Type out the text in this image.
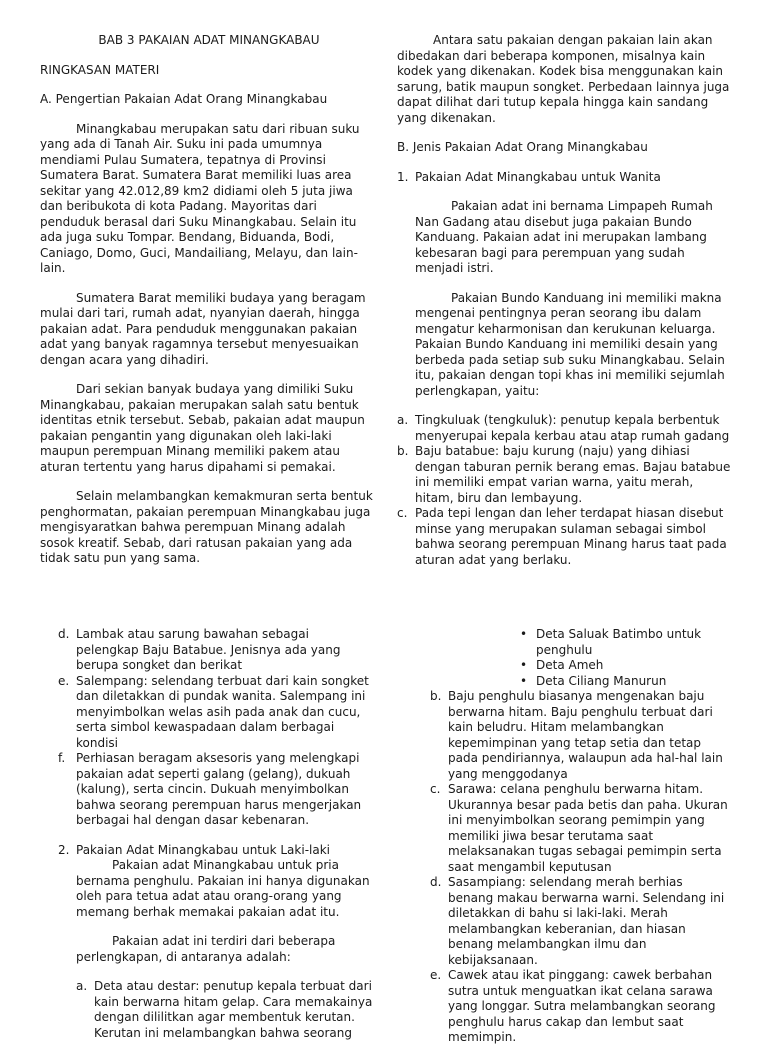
BAB 3 PAKAIAN ADAT MINANGKABAU

RINGKASAN MATERI

A. Pengertian Pakaian Adat Orang Minangkabau

Minangkabau merupakan satu dari ribuan suku yang ada di Tanah Air. Suku ini pada umumnya mendiami Pulau Sumatera, tepatnya di Provinsi Sumatera Barat. Sumatera Barat memiliki luas area sekitar yang 42.012,89 km2 didiami oleh 5 juta jiwa dan beribukota di kota Padang. Mayoritas dari penduduk berasal dari Suku Minangkabau. Selain itu ada juga suku Tompar. Bendang, Biduanda, Bodi, Caniago, Domo, Guci, Mandailiang, Melayu, dan lain-lain.

Sumatera Barat memiliki budaya yang beragam mulai dari tari, rumah adat, nyanyian daerah, hingga pakaian adat. Para penduduk menggunakan pakaian adat yang banyak ragamnya tersebut menyesuaikan dengan acara yang dihadiri.

Dari sekian banyak budaya yang dimiliki Suku Minangkabau, pakaian merupakan salah satu bentuk identitas etnik tersebut. Sebab, pakaian adat maupun pakaian pengantin yang digunakan oleh laki-laki maupun perempuan Minang memiliki pakem atau aturan tertentu yang harus dipahami si pemakai.

Selain melambangkan kemakmuran serta bentuk penghormatan, pakaian perempuan Minangkabau juga mengisyaratkan bahwa perempuan Minang adalah sosok kreatif. Sebab, dari ratusan pakaian yang ada tidak satu pun yang sama.

Antara satu pakaian dengan pakaian lain akan dibedakan dari beberapa komponen, misalnya kain kodek yang dikenakan. Kodek bisa menggunakan kain sarung, batik maupun songket. Perbedaan lainnya juga dapat dilihat dari tutup kepala hingga kain sandang yang dikenakan.

B. Jenis Pakaian Adat Orang Minangkabau

1. Pakaian Adat Minangkabau untuk Wanita

Pakaian adat ini bernama Limpapeh Rumah Nan Gadang atau disebut juga pakaian Bundo Kanduang. Pakaian adat ini merupakan lambang kebesaran bagi para perempuan yang sudah menjadi istri.

Pakaian Bundo Kanduang ini memiliki makna mengenai pentingnya peran seorang ibu dalam mengatur keharmonisan dan kerukunan keluarga. Pakaian Bundo Kanduang ini memiliki desain yang berbeda pada setiap sub suku Minangkabau. Selain itu, pakaian dengan topi khas ini memiliki sejumlah perlengkapan, yaitu:

a. Tingkuluak (tengkuluk): penutup kepala berbentuk menyerupai kepala kerbau atau atap rumah gadang
b. Baju batabue: baju kurung (naju) yang dihiasi dengan taburan pernik berang emas. Bajau batabue ini memiliki empat varian warna, yaitu merah, hitam, biru dan lembayung.
c. Pada tepi lengan dan leher terdapat hiasan disebut minse yang merupakan sulaman sebagai simbol bahwa seorang perempuan Minang harus taat pada aturan adat yang berlaku.
d. Lambak atau sarung bawahan sebagai pelengkap Baju Batabue. Jenisnya ada yang berupa songket dan berikat
e. Salempang: selendang terbuat dari kain songket dan diletakkan di pundak wanita. Salempang ini menyimbolkan welas asih pada anak dan cucu, serta simbol kewaspadaan dalam berbagai kondisi
f. Perhiasan beragam aksesoris yang melengkapi pakaian adat seperti galang (gelang), dukuah (kalung), serta cincin. Dukuah menyimbolkan bahwa seorang perempuan harus mengerjakan berbagai hal dengan dasar kebenaran.
2. Pakaian Adat Minangkabau untuk Laki-laki

Pakaian adat Minangkabau untuk pria bernama penghulu. Pakaian ini hanya digunakan oleh para tetua adat atau orang-orang yang memang berhak memakai pakaian adat itu.

Pakaian adat ini terdiri dari beberapa perlengkapan, di antaranya adalah:

a. Deta atau destar: penutup kepala terbuat dari kain berwarna hitam gelap. Cara memakainya dengan dililitkan agar membentuk kerutan. Kerutan ini melambangkan bahwa seorang
• Deta Saluak Batimbo untuk penghulu
• Deta Ameh
• Deta Ciliang Manurun
b. Baju penghulu biasanya mengenakan baju berwarna hitam. Baju penghulu terbuat dari kain beludru. Hitam melambangkan kepemimpinan yang tetap setia dan tetap pada pendiriannya, walaupun ada hal-hal lain yang menggodanya
c. Sarawa: celana penghulu berwarna hitam. Ukurannya besar pada betis dan paha. Ukuran ini menyimbolkan seorang pemimpin yang memiliki jiwa besar terutama saat melaksanakan tugas sebagai pemimpin serta saat mengambil keputusan
d. Sasampiang: selendang merah berhias benang makau berwarna warni. Selendang ini diletakkan di bahu si laki-laki. Merah melambangkan keberanian, dan hiasan benang melambangkan ilmu dan kebijaksanaan.
e. Cawek atau ikat pinggang: cawek berbahan sutra untuk menguatkan ikat celana sarawa yang longgar. Sutra melambangkan seorang penghulu harus cakap dan lembut saat memimpin.
